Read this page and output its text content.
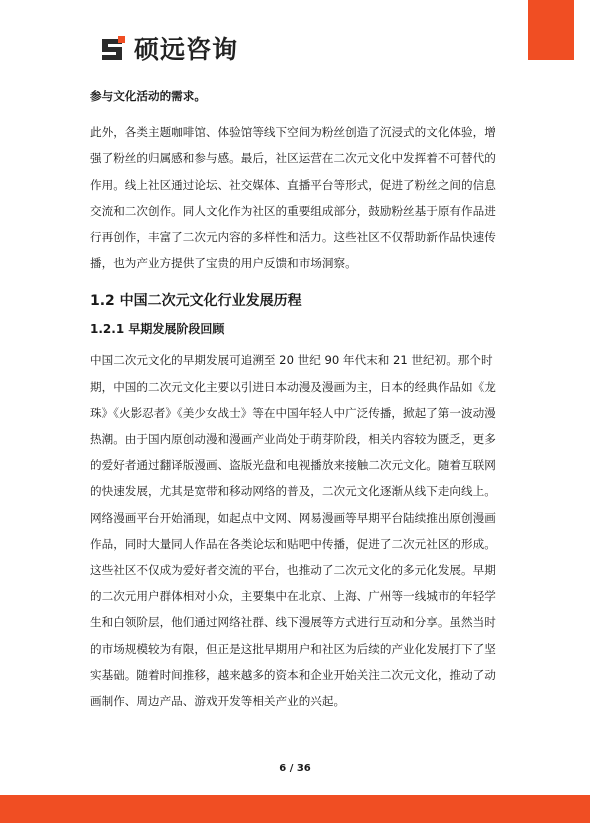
硕远咨询

参与文化活动的需求。

此外，各类主题咖啡馆、体验馆等线下空间为粉丝创造了沉浸式的文化体验，增强了粉丝的归属感和参与感。最后，社区运营在二次元文化中发挥着不可替代的作用。线上社区通过论坛、社交媒体、直播平台等形式，促进了粉丝之间的信息交流和二次创作。同人文化作为社区的重要组成部分，鼓励粉丝基于原有作品进行再创作，丰富了二次元内容的多样性和活力。这些社区不仅帮助新作品快速传播，也为产业方提供了宝贵的用户反馈和市场洞察。

1.2 中国二次元文化行业发展历程
1.2.1 早期发展阶段回顾

中国二次元文化的早期发展可追溯至 20 世纪 90 年代末和 21 世纪初。那个时期，中国的二次元文化主要以引进日本动漫及漫画为主，日本的经典作品如《龙珠》《火影忍者》《美少女战士》等在中国年轻人中广泛传播，掀起了第一波动漫热潮。由于国内原创动漫和漫画产业尚处于萌芽阶段，相关内容较为匮乏，更多的爱好者通过翻译版漫画、盗版光盘和电视播放来接触二次元文化。随着互联网的快速发展，尤其是宽带和移动网络的普及，二次元文化逐渐从线下走向线上。网络漫画平台开始涌现，如起点中文网、网易漫画等早期平台陆续推出原创漫画作品，同时大量同人作品在各类论坛和贴吧中传播，促进了二次元社区的形成。这些社区不仅成为爱好者交流的平台，也推动了二次元文化的多元化发展。早期的二次元用户群体相对小众，主要集中在北京、上海、广州等一线城市的年轻学生和白领阶层，他们通过网络社群、线下漫展等方式进行互动和分享。虽然当时的市场规模较为有限，但正是这批早期用户和社区为后续的产业化发展打下了坚实基础。随着时间推移，越来越多的资本和企业开始关注二次元文化，推动了动画制作、周边产品、游戏开发等相关产业的兴起。

6 / 36
